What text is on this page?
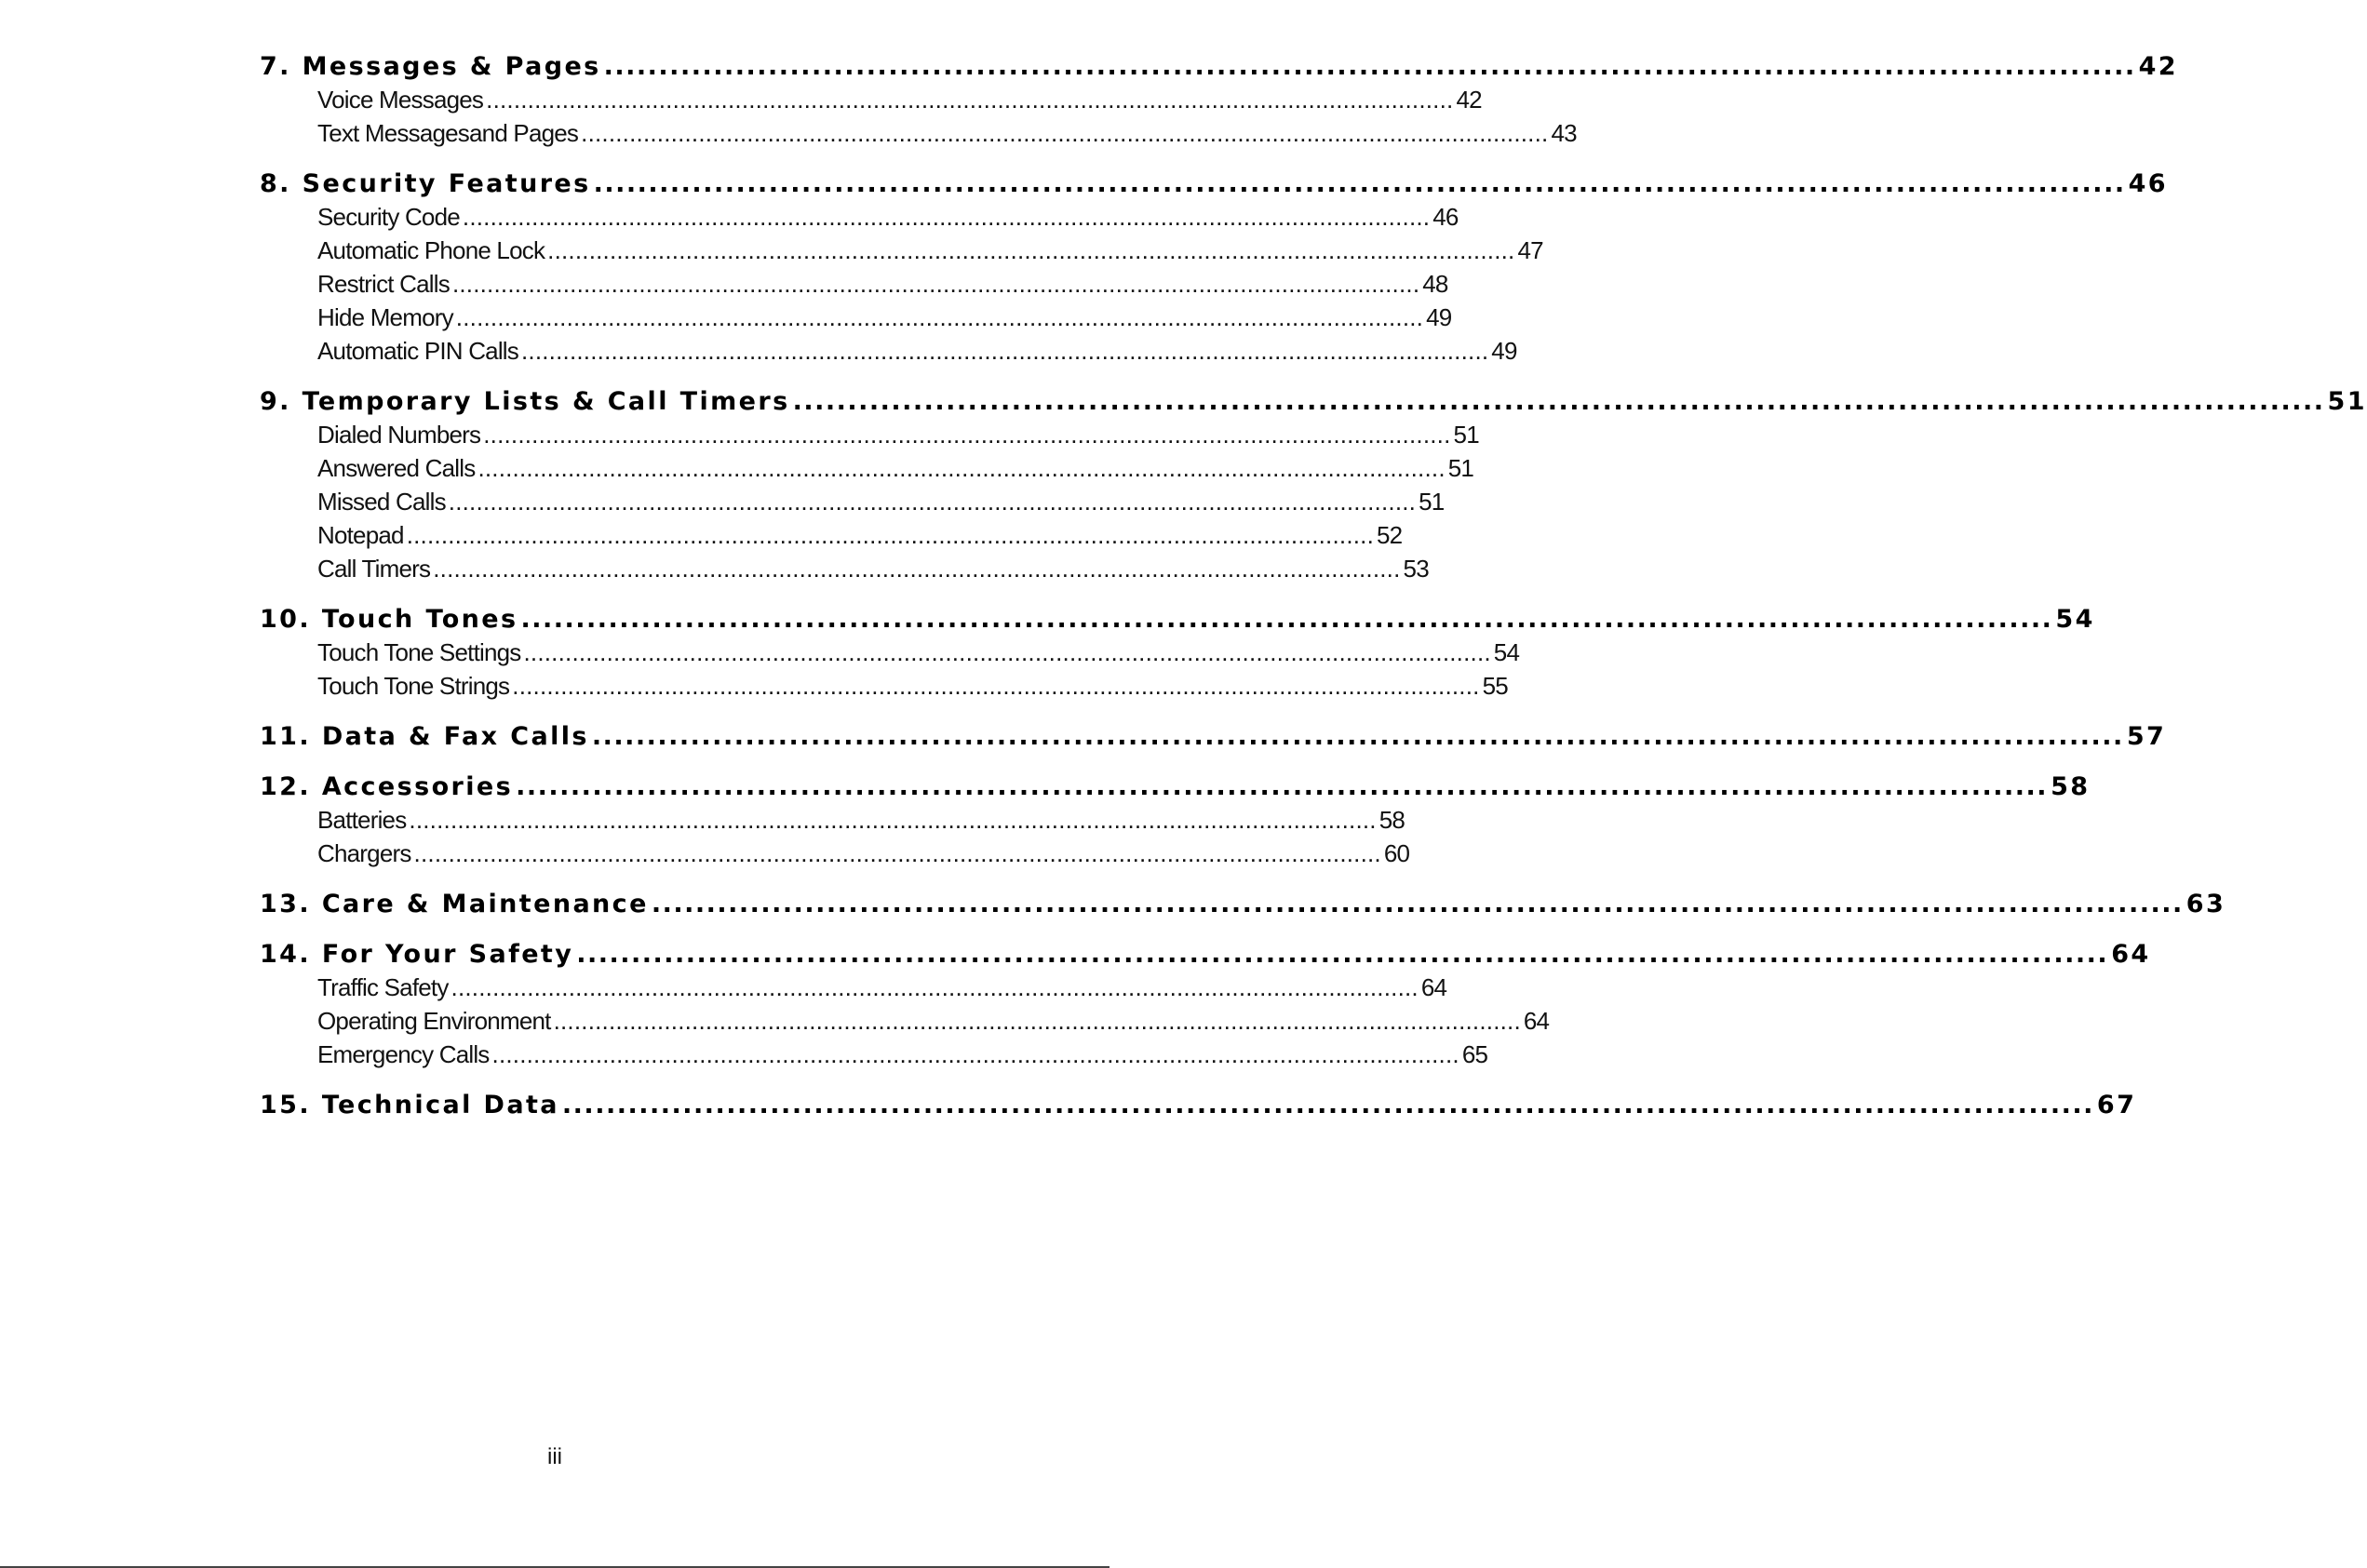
7. Messages & Pages ............................................................................................................................................ 42
Voice Messages ............................................................................................................................................ 42
Text Messagesand Pages ............................................................................................................................................ 43
8. Security Features ............................................................................................................................................ 46
Security Code ............................................................................................................................................ 46
Automatic Phone Lock ............................................................................................................................................ 47
Restrict Calls ............................................................................................................................................ 48
Hide Memory ............................................................................................................................................ 49
Automatic PIN Calls ............................................................................................................................................ 49
9. Temporary Lists & Call Timers ............................................................................................................................................ 51
Dialed Numbers ............................................................................................................................................ 51
Answered Calls ............................................................................................................................................ 51
Missed Calls ............................................................................................................................................ 51
Notepad ............................................................................................................................................ 52
Call Timers ............................................................................................................................................ 53
10. Touch Tones ............................................................................................................................................ 54
Touch Tone Settings ............................................................................................................................................ 54
Touch Tone Strings ............................................................................................................................................ 55
11. Data & Fax Calls ............................................................................................................................................ 57
12. Accessories ............................................................................................................................................ 58
Batteries ............................................................................................................................................ 58
Chargers ............................................................................................................................................ 60
13. Care & Maintenance ............................................................................................................................................ 63
14. For Your Safety ............................................................................................................................................ 64
Traffic Safety ............................................................................................................................................ 64
Operating Environment ............................................................................................................................................ 64
Emergency Calls ............................................................................................................................................ 65
15. Technical Data ............................................................................................................................................ 67
iii
